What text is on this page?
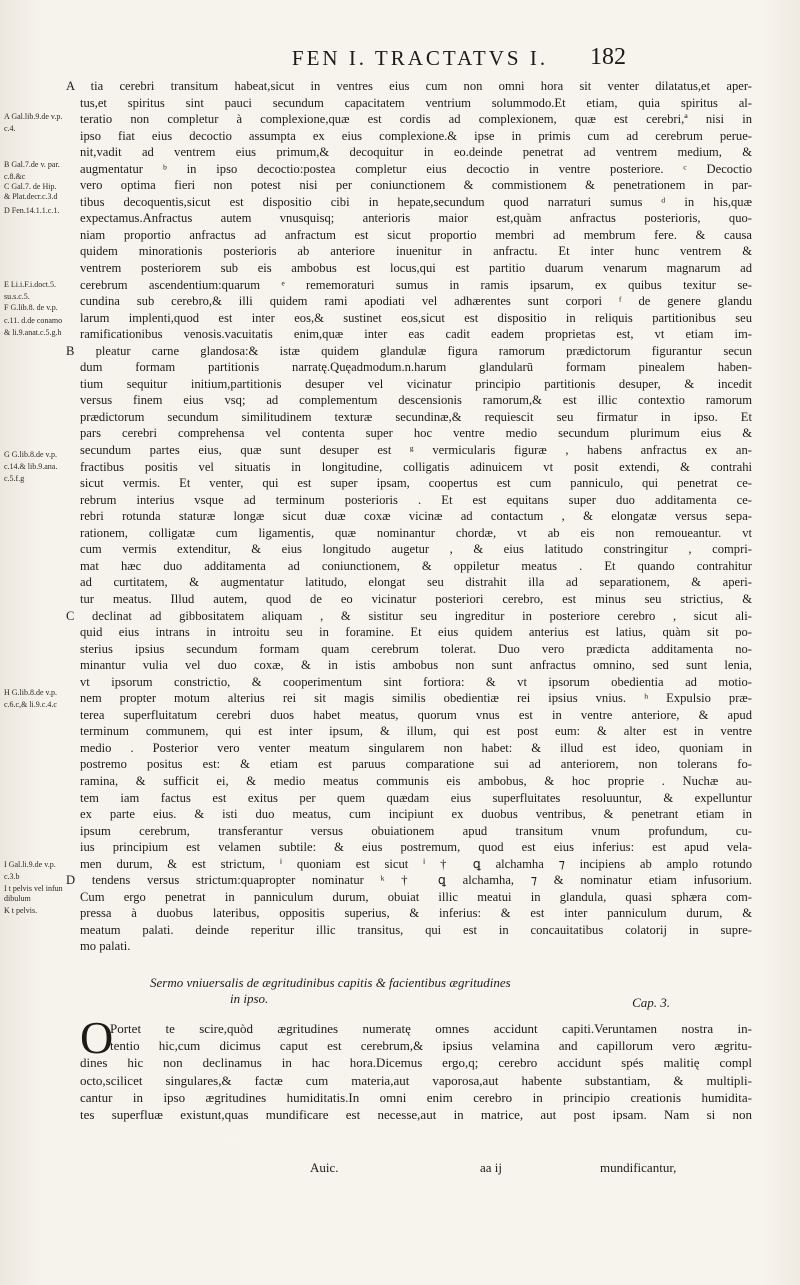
FEN I. TRACTATVS I.	182
A Gal.lib.9.de v.p.
c.4.
B Gal.7.de v. par.
c.8.&c
C Gal.7. de Hip.
& Plat.decr.c.3.d
D Fen.14.1.1.c.1.
E Li.i.F.i.doct.5.
su.s.c.5.
F G.lib.8. de v.p.
c.11. d.de conamo
& li.9.anat.c.5.g.h
G G.lib.8.de v.p.
c.14.& lib.9.ana.
c.5.f.g
H G.lib.8.de v.p.
c.6.c,& li.9.c.4.c
I Gal.li.9.de v.p.
c.3.b
I t pelvis vel infun
dibulum
K t pelvis.
A tia cerebri transitum habeat,sicut in ventres eius cum non omni hora sit venter dilatatus,et aper-
tus,et spiritus sint pauci secundum capacitatem ventrium solummodo.Et etiam, quia spiritus al-
teratio non completur à complexione,quæ est cordis ad complexionem, quæ est cerebri,ª nisi in
ipso fiat eius decoctio assumpta ex eius complexione.& ipse in primis cum ad cerebrum perue-
nit,vadit ad ventrem eius primum,& decoquitur in eo.deinde penetrat ad ventrem medium, &
augmentatur ᵇ in ipso decoctio:postea completur eius decoctio in ventre posteriore. ᶜ Decoctio
vero optima fieri non potest nisi per coniunctionem & commistionem & penetrationem in par-
tibus decoquentis,sicut est dispositio cibi in hepate,secundum quod narraturi sumus ᵈ in his,quæ
expectamus.Anfractus autem vnusquisq; anterioris maior est,quàm anfractus posterioris, quo-
niam proportio anfractus ad anfractum est sicut proportio membri ad membrum fere. & causa
quidem minorationis posterioris ab anteriore inuenitur in anfractu. Et inter hunc ventrem &
ventrem posteriorem sub eis ambobus est locus,qui est partitio duarum venarum magnarum ad
cerebrum ascendentium:quarum ᵉ rememoraturi sumus in ramis ipsarum, ex quibus texitur se-
cundina sub cerebro,& illi quidem rami apodiati vel adhærentes sunt corpori ᶠ de genere glandu
larum implenti,quod est inter eos,& sustinet eos,sicut est dispositio in reliquis partitionibus seu
ramificationibus venosis.vacuitatis enim,quæ inter eas cadit eadem proprietas est, vt etiam im-
B pleatur carne glandosa:& istæ quidem glandulæ figura ramorum prædictorum figurantur secun
dum formam partitionis narratę.Quęadmodum.n.harum glandularū formam pinealem haben-
tium sequitur initium,partitionis desuper vel vicinatur principio partitionis desuper, & incedit
versus finem eius vsq; ad complementum descensionis ramorum,& est illic contextio ramorum
prædictorum secundum similitudinem texturæ secundinæ,& requiescit seu firmatur in ipso. Et
pars cerebri comprehensa vel contenta super hoc ventre medio secundum plurimum eius &
secundum partes eius, quæ sunt desuper est ᵍ vermicularis figuræ , habens anfractus ex an-
fractibus positis vel situatis in longitudine, colligatis adinuicem vt posit extendi, & contrahi
sicut vermis. Et venter, qui est super ipsam, coopertus est cum panniculo, qui penetrat ce-
rebrum interius vsque ad terminum posterioris . Et est equitans super duo additamenta ce-
rebri rotunda staturæ longæ sicut duæ coxæ vicinæ ad contactum , & elongatæ versus sepa-
rationem, colligatæ cum ligamentis, quæ nominantur chordæ, vt ab eis non remoueantur. vt
cum vermis extenditur, & eius longitudo augetur , & eius latitudo constringitur , compri-
mat hæc duo additamenta ad coniunctionem, & oppiletur meatus . Et quando contrahitur
ad curtitatem, & augmentatur latitudo, elongat seu distrahit illa ad separationem, & aperi-
tur meatus. Illud autem, quod de eo vicinatur posteriori cerebro, est minus seu strictius, &
C declinat ad gibbositatem aliquam , & sistitur seu ingreditur in posteriore cerebro , sicut ali-
quid eius intrans in introitu seu in foramine. Et eius quidem anterius est latius, quàm sit po-
sterius ipsius secundum formam quam cerebrum tolerat. Duo vero prædicta additamenta no-
minantur vulia vel duo coxæ, & in istis ambobus non sunt anfractus omnino, sed sunt lenia,
vt ipsorum constrictio, & cooperimentum sint fortiora: & vt ipsorum obedientia ad motio-
nem propter motum alterius rei sit magis similis obedientiæ rei ipsius vnius. ʰ Expulsio præ-
terea superfluitatum cerebri duos habet meatus, quorum vnus est in ventre anteriore, & apud
terminum communem, qui est inter ipsum, & illum, qui est post eum: & alter est in ventre
medio . Posterior vero venter meatum singularem non habet: & illud est ideo, quoniam in
postremo positus est: & etiam est paruus comparatione sui ad anteriorem, non tolerans fo-
ramina, & sufficit ei, & medio meatus communis eis ambobus, & hoc proprie . Nuchæ au-
tem iam factus est exitus per quem quædam eius superfluitates resoluuntur, & expelluntur
ex parte eius. & isti duo meatus, cum incipiunt ex duobus ventribus, & penetrant etiam in
ipsum cerebrum, transferantur versus obuiationem apud transitum vnum profundum, cu-
ius principium est velamen subtile: & eius postremum, quod est eius inferius: est apud vela-
men durum, & est strictum, ⁱ quoniam est sicut ⁱ † ꝗ alchamha ⁊ incipiens ab amplo rotundo
D tendens versus strictum:quapropter nominatur ᵏ † ꝗ alchamha, ⁊ & nominatur etiam infusorium.
Cum ergo penetrat in panniculum durum, obuiat illic meatui in glandula, quasi sphæra com-
pressa à duobus lateribus, oppositis superius, & inferius: & est inter panniculum durum, &
meatum palati. deinde reperitur illic transitus, qui est in concauitatibus colatorij in supre-
mo palati.
Sermo vniuersalis de ægritudinibus capitis & facientibus ægritudines
in ipso.	Cap. 3.
O
Portet te scire,quòd ægritudines numeratę omnes accidunt capiti.Veruntamen nostra in-
tentio hic,cum dicimus caput est cerebrum,& ipsius velamina and capillorum vero ægritu-
dines hic non declinamus in hac hora.Dicemus ergo,q; cerebro accidunt spés malitię compl
octo,scilicet singulares,& factæ cum materia,aut vaporosa,aut habente substantiam, & multipli-
cantur in ipso ægritudines humiditatis.In omni enim cerebro in principio creationis humidita-
tes superfluæ existunt,quas mundificare est necesse,aut in matrice, aut post ipsam. Nam si non
Auic.	aa ij	mundificantur,
